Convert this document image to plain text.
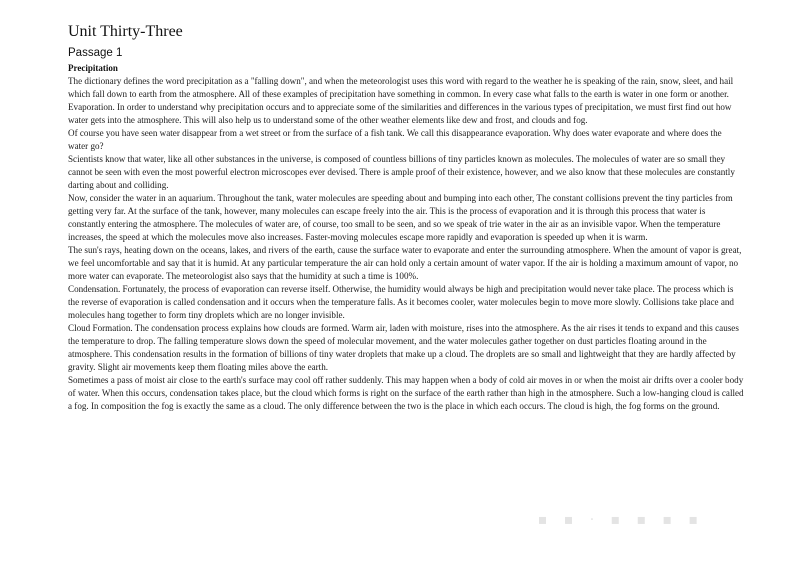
Unit Thirty-Three
Passage 1
Precipitation

The dictionary defines the word precipitation as a "falling down", and when the meteorologist uses this word with regard to the weather he is speaking of the rain, snow, sleet, and hail which fall down to earth from the atmosphere. All of these examples of precipitation have something in common. In every case what falls to the earth is water in one form or another.

Evaporation. In order to understand why precipitation occurs and to appreciate some of the similarities and differences in the various types of precipitation, we must first find out how water gets into the atmosphere. This will also help us to understand some of the other weather elements like dew and frost, and clouds and fog.

Of course you have seen water disappear from a wet street or from the surface of a fish tank. We call this disappearance evaporation. Why does water evaporate and where does the water go?

Scientists know that water, like all other substances in the universe, is composed of countless billions of tiny particles known as molecules. The molecules of water are so small they cannot be seen with even the most powerful electron microscopes ever devised. There is ample proof of their existence, however, and we also know that these molecules are constantly darting about and colliding.

Now, consider the water in an aquarium. Throughout the tank, water molecules are speeding about and bumping into each other, The constant collisions prevent the tiny particles from getting very far. At the surface of the tank, however, many molecules can escape freely into the air. This is the process of evaporation and it is through this process that water is constantly entering the atmosphere. The molecules of water are, of course, too small to be seen, and so we speak of trie water in the air as an invisible vapor. When the temperature increases, the speed at which the molecules move also increases. Faster-moving molecules escape more rapidly and evaporation is speeded up when it is warm.

The sun's rays, heating down on the oceans, lakes, and rivers of the earth, cause the surface water to evaporate and enter the surrounding atmosphere. When the amount of vapor is great, we feel uncomfortable and say that it is humid. At any particular temperature the air can hold only a certain amount of water vapor. If the air is holding a maximum amount of vapor, no more water can evaporate. The meteorologist also says that the humidity at such a time is 100%.

Condensation. Fortunately, the process of evaporation can reverse itself. Otherwise, the humidity would always be high and precipitation would never take place. The process which is the reverse of evaporation is called condensation and it occurs when the temperature falls. As it becomes cooler, water molecules begin to move more slowly. Collisions take place and molecules hang together to form tiny droplets which are no longer invisible.

Cloud Formation. The condensation process explains how clouds are formed. Warm air, laden with moisture, rises into the atmosphere. As the air rises it tends to expand and this causes the temperature to drop. The falling temperature slows down the speed of molecular movement, and the water molecules gather together on dust particles floating around in the atmosphere. This condensation results in the formation of billions of tiny water droplets that make up a cloud. The droplets are so small and lightweight that they are hardly affected by gravity. Slight air movements keep them floating miles above the earth.

Sometimes a pass of moist air close to the earth's surface may cool off rather suddenly. This may happen when a body of cold air moves in or when the moist air drifts over a cooler body of water. When this occurs, condensation takes place, but the cloud which forms is right on the surface of the earth rather than high in the atmosphere. Such a low-hanging cloud is called a fog. In composition the fog is exactly the same as a cloud. The only difference between the two is the place in which each occurs. The cloud is high, the fog forms on the ground.

▪ ▪ · ▪ ▪ ▪ ▪
